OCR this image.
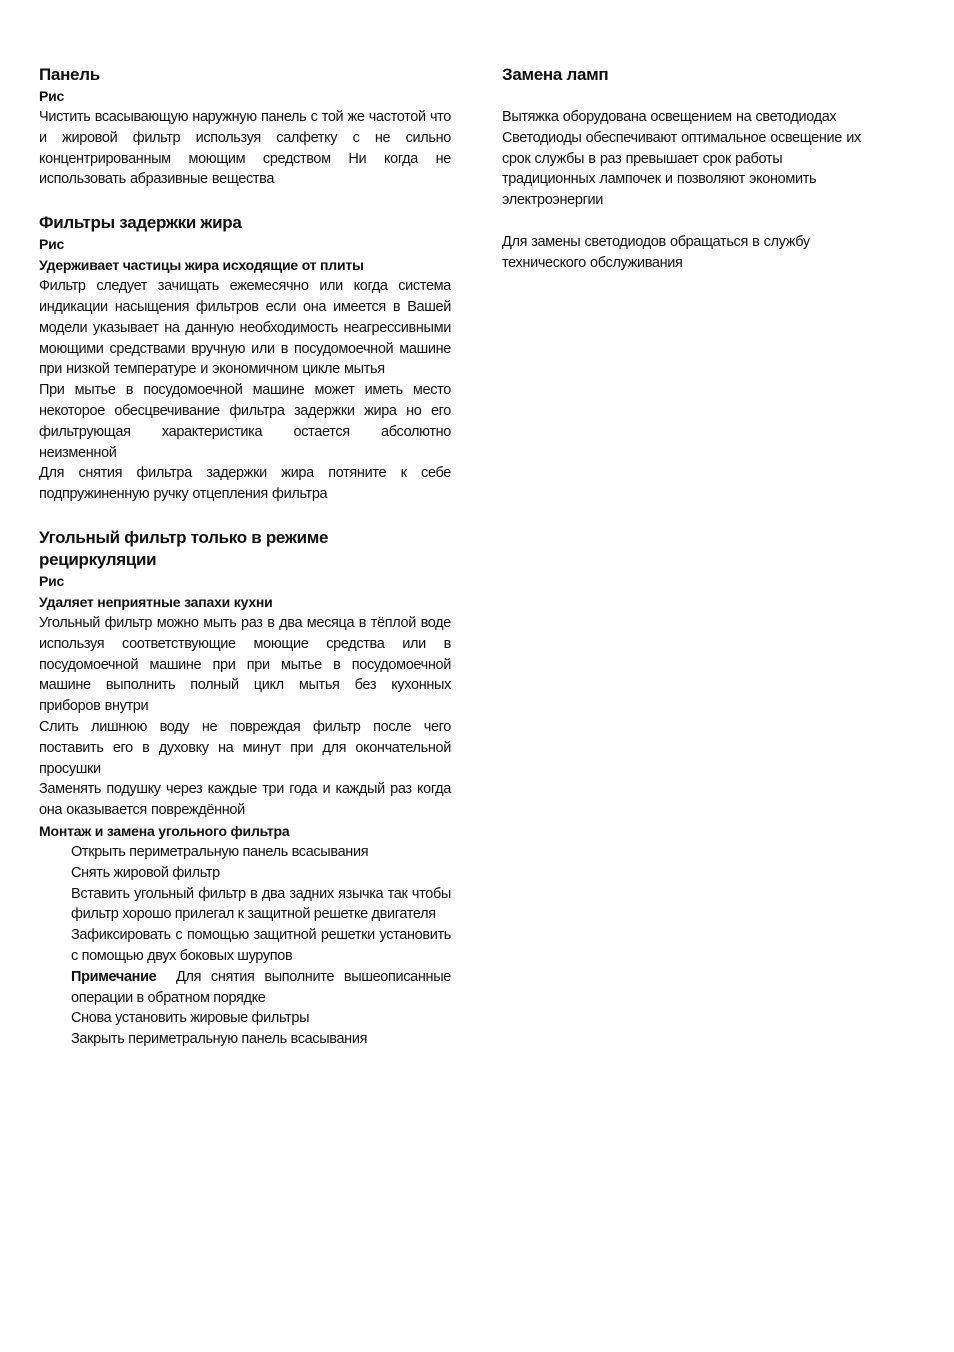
Панель
Рис

Чистить всасывающую наружную панель с той же частотой что и жировой фильтр используя салфетку с не сильно концентрированным моющим средством Ни когда не использовать абразивные вещества

Фильтры задержки жира
Рис
Удерживает частицы жира исходящие от плиты

Фильтр следует зачищать ежемесячно или когда система индикации насыщения фильтров если она имеется в Вашей модели указывает на данную необходимость неагрессивными моющими средствами вручную или в посудомоечной машине при низкой температуре и экономичном цикле мытья

При мытье в посудомоечной машине может иметь место некоторое обесцвечивание фильтра задержки жира но его фильтрующая характеристика остается абсолютно неизменной

Для снятия фильтра задержки жира потяните к себе подпружиненную ручку отцепления фильтра

Угольный фильтр только в режиме
рециркуляции
Рис
Удаляет неприятные запахи кухни

Угольный фильтр можно мыть раз в два месяца в тёплой воде используя соответствующие моющие средства или в посудомоечной машине при при мытье в посудомоечной машине выполнить полный цикл мытья без кухонных приборов внутри

Слить лишнюю воду не повреждая фильтр после чего поставить его в духовку на минут при для окончательной просушки

Заменять подушку через каждые три года и каждый раз когда она оказывается повреждённой

Монтаж и замена угольного фильтра
Открыть периметральную панель всасывания
Снять жировой фильтр
Вставить угольный фильтр в два задних язычка так чтобы фильтр хорошо прилегал к защитной решетке двигателя
Зафиксировать с помощью защитной решетки установить с помощью двух боковых шурупов
Примечание Для снятия выполните вышеописанные операции в обратном порядке
Снова установить жировые фильтры
Закрыть периметральную панель всасывания
Замена ламп

Вытяжка оборудована освещением на светодиодах
Светодиоды обеспечивают оптимальное освещение их
срок службы в раз превышает срок работы
традиционных лампочек и позволяют экономить
электроэнергии

Для замены светодиодов обращаться в службу
технического обслуживания
